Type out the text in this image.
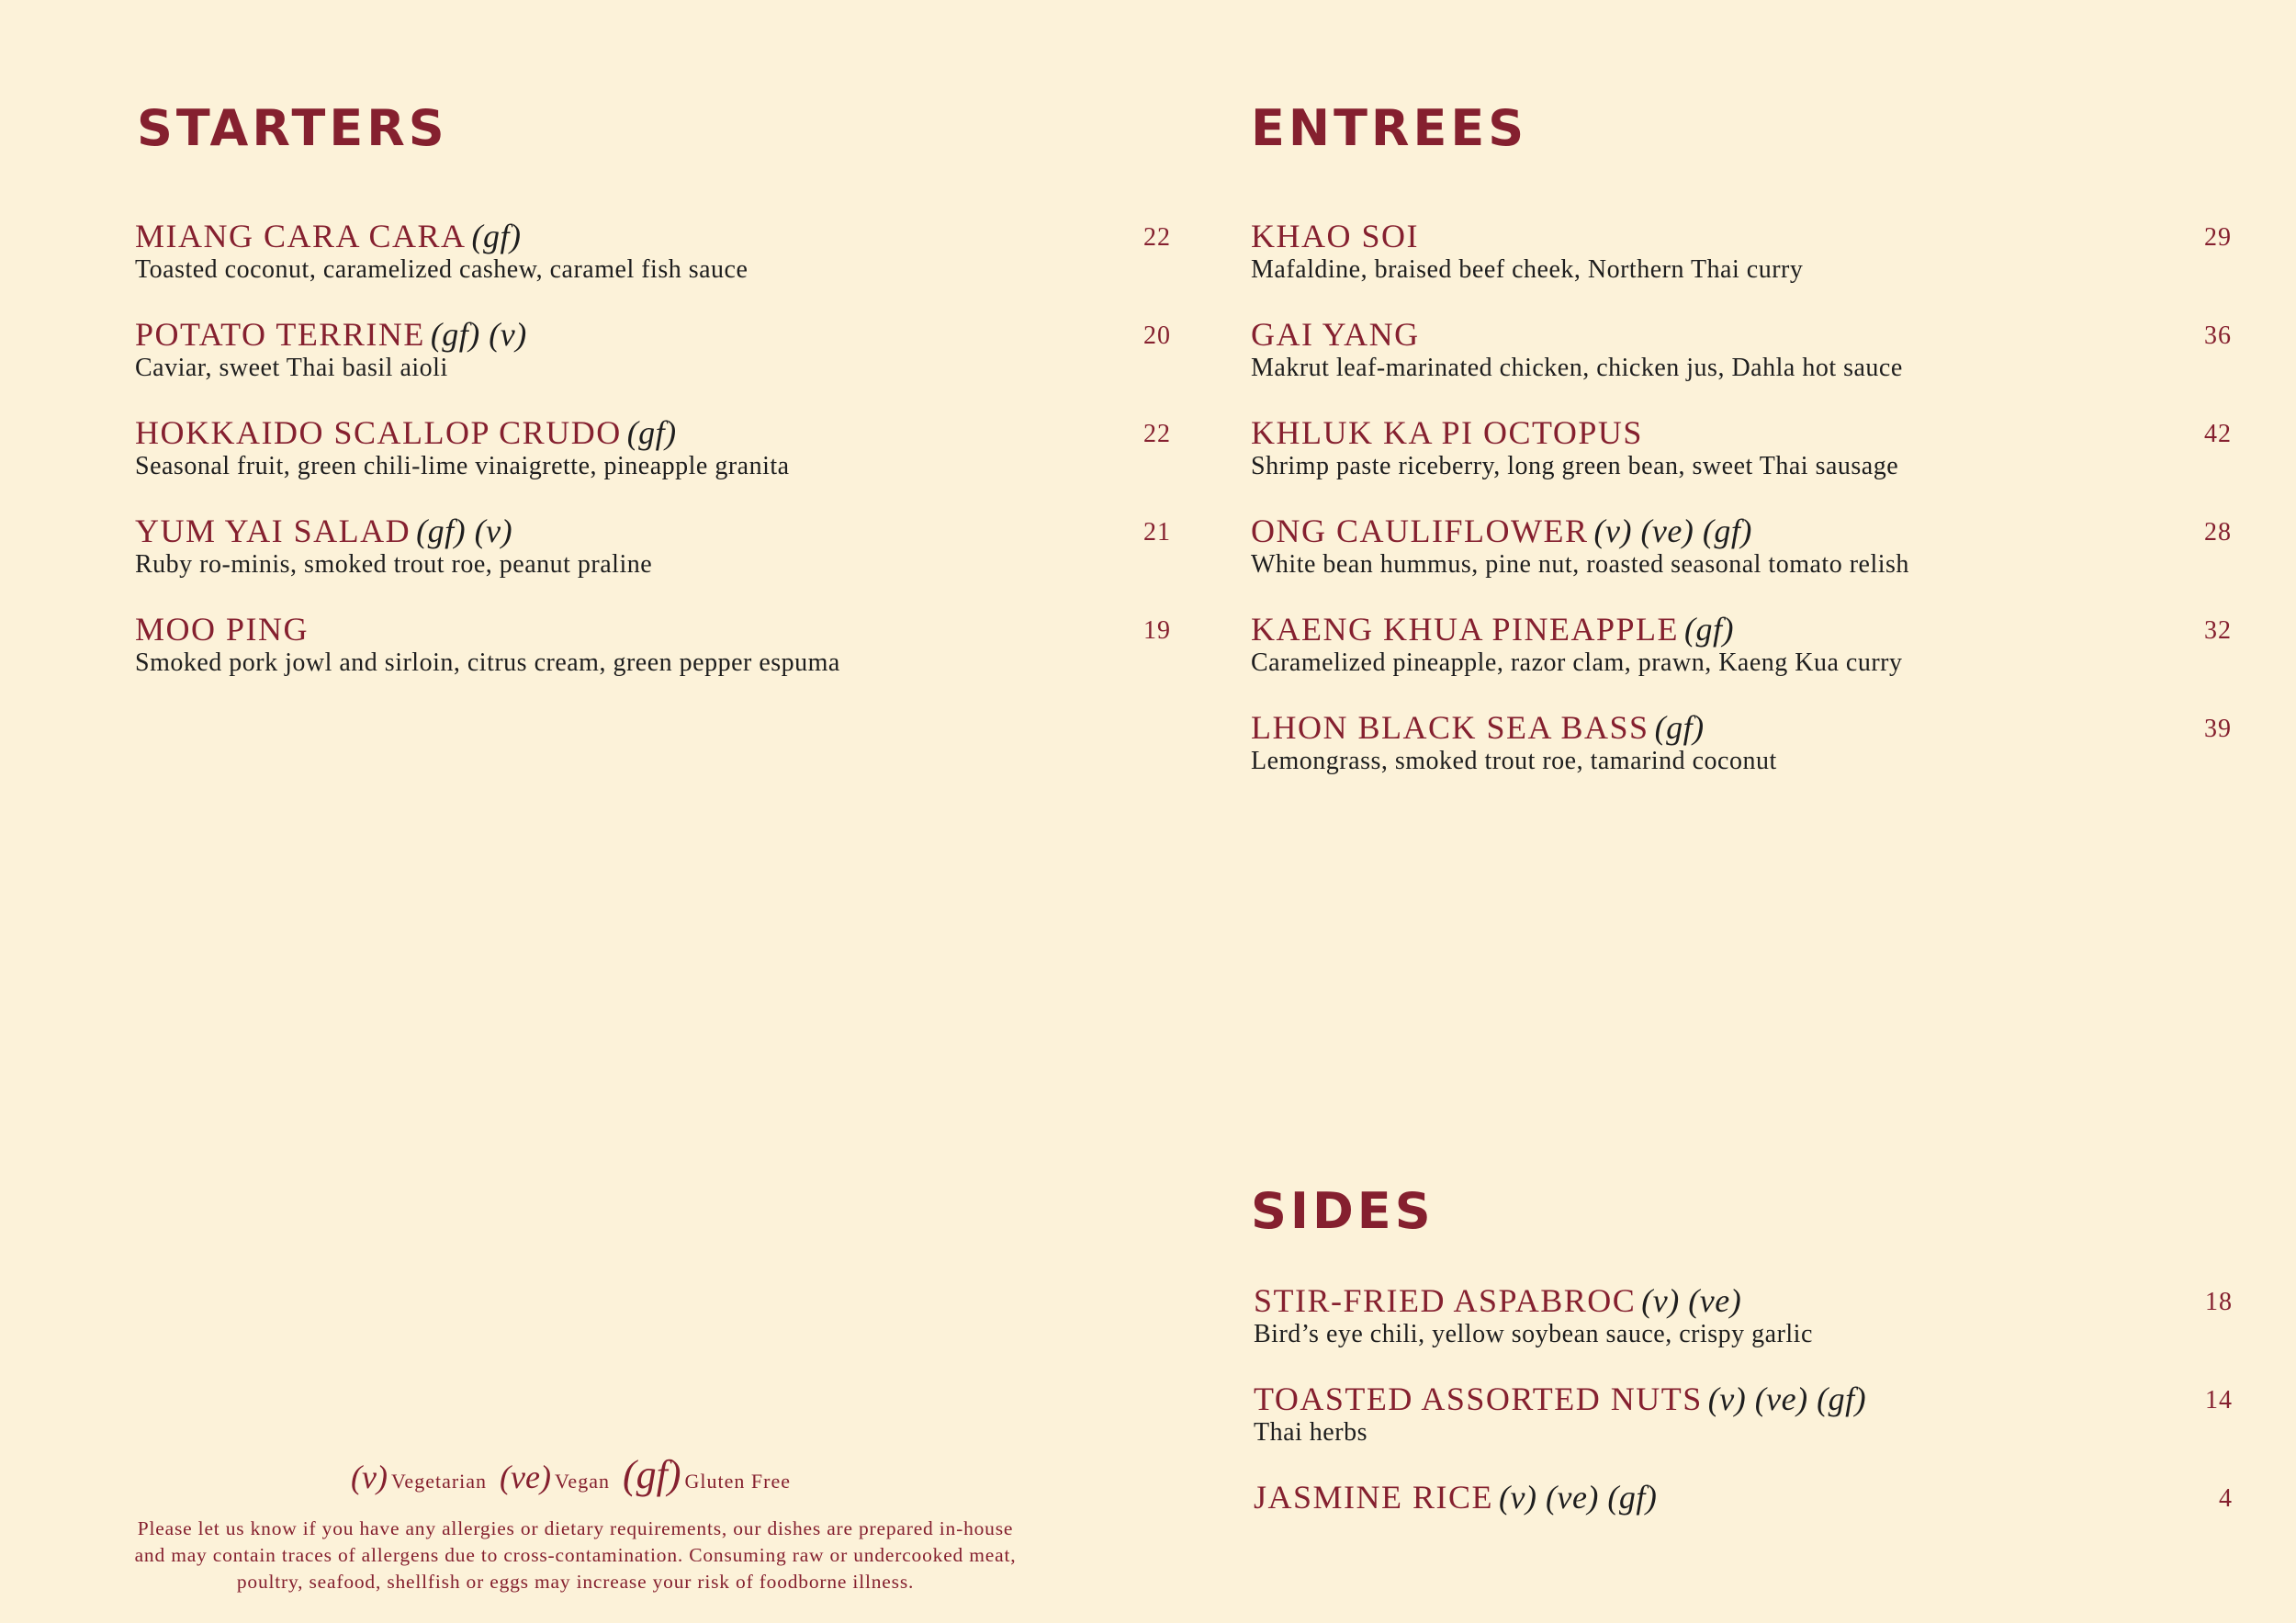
STARTERS
MIANG CARA CARA (gf)
Toasted coconut, caramelized cashew, caramel fish sauce
22
POTATO TERRINE (gf) (v)
Caviar, sweet Thai basil aioli
20
HOKKAIDO SCALLOP CRUDO (gf)
Seasonal fruit, green chili-lime vinaigrette, pineapple granita
22
YUM YAI SALAD (gf) (v)
Ruby ro-minis, smoked trout roe, peanut praline
21
MOO PING
Smoked pork jowl and sirloin, citrus cream, green pepper espuma
19
ENTREES
KHAO SOI
Mafaldine, braised beef cheek, Northern Thai curry
29
GAI YANG
Makrut leaf-marinated chicken, chicken jus, Dahla hot sauce
36
KHLUK KA PI OCTOPUS
Shrimp paste riceberry, long green bean, sweet Thai sausage
42
ONG CAULIFLOWER (v) (ve) (gf)
White bean hummus, pine nut, roasted seasonal tomato relish
28
KAENG KHUA PINEAPPLE (gf)
Caramelized pineapple, razor clam, prawn, Kaeng Kua curry
32
LHON BLACK SEA BASS (gf)
Lemongrass, smoked trout roe, tamarind coconut
39
SIDES
STIR-FRIED ASPABROC (v) (ve)
Bird’s eye chili, yellow soybean sauce, crispy garlic
18
TOASTED ASSORTED NUTS (v) (ve) (gf)
Thai herbs
14
JASMINE RICE (v) (ve) (gf)	4
(v) Vegetarian (ve) Vegan (gf) Gluten Free

Please let us know if you have any allergies or dietary requirements, our dishes are prepared in-house
and may contain traces of allergens due to cross-contamination. Consuming raw or undercooked meat,
poultry, seafood, shellfish or eggs may increase your risk of foodborne illness.
